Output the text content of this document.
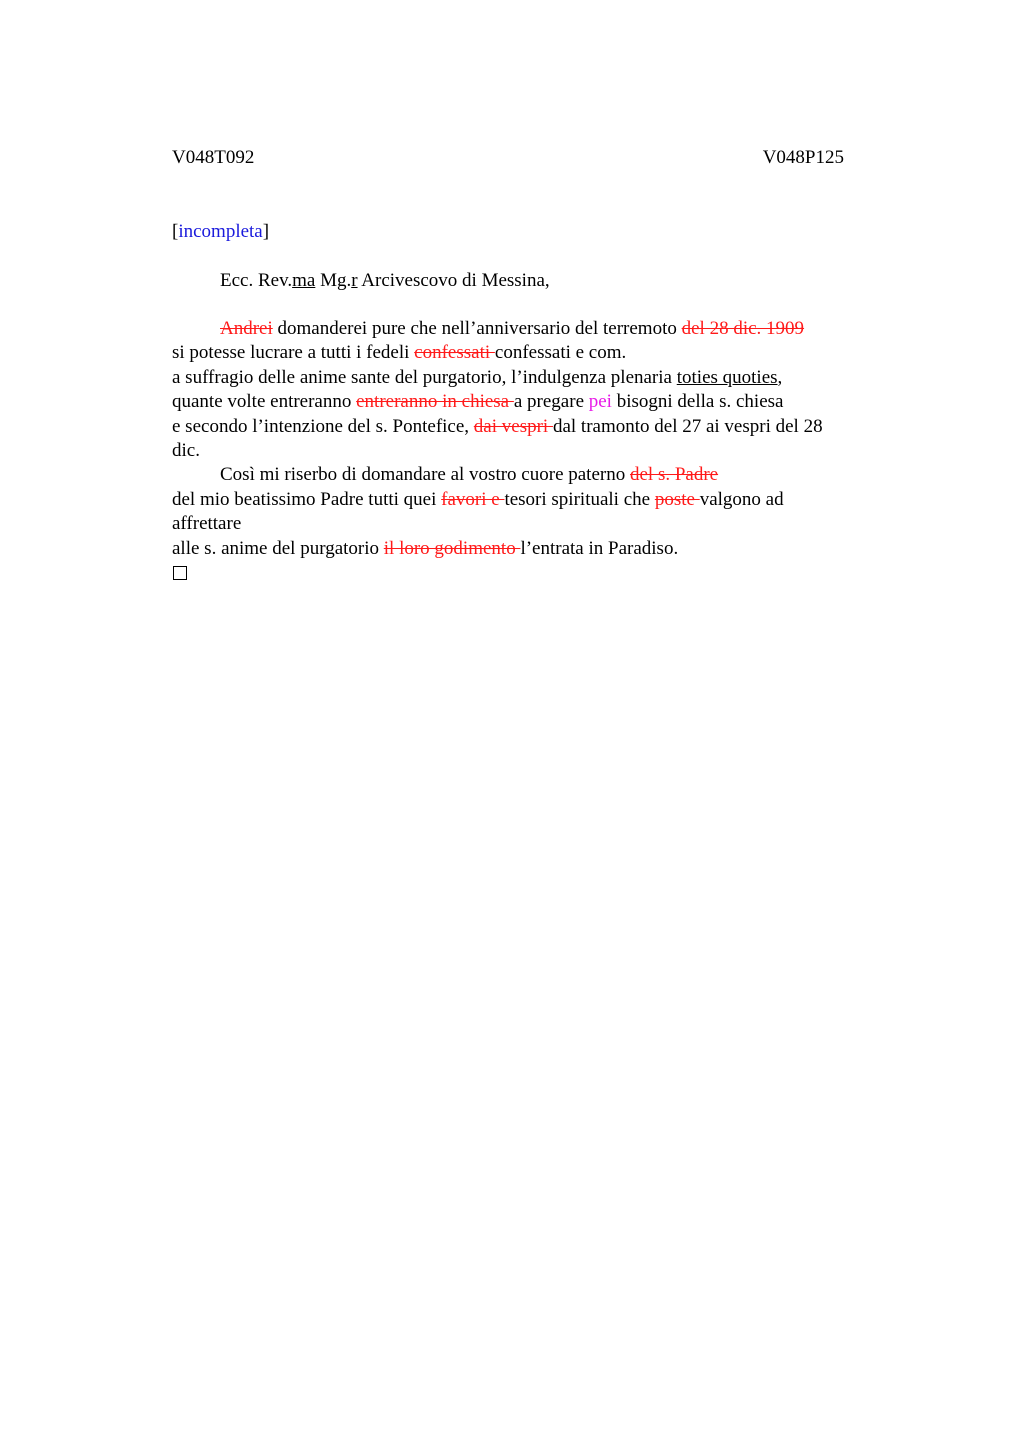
V048T092	V048P125
[incompleta]
Ecc. Rev.ma Mg.r Arcivescovo di Messina,
Andrei domanderei pure che nell’anniversario del terremoto del 28 dic. 1909
si potesse lucrare a tutti i fedeli confessati confessati e com.
a suffragio delle anime sante del purgatorio, l’indulgenza plenaria toties quoties,
quante volte entreranno entreranno in chiesa a pregare pei bisogni della s. chiesa
e secondo l’intenzione del s. Pontefice, dai vespri dal tramonto del 27 ai vespri del 28
dic.
Così mi riserbo di domandare al vostro cuore paterno del s. Padre
del mio beatissimo Padre tutti quei favori e tesori spirituali che poste valgono ad
affrettare
alle s. anime del purgatorio il loro godimento l’entrata in Paradiso.
